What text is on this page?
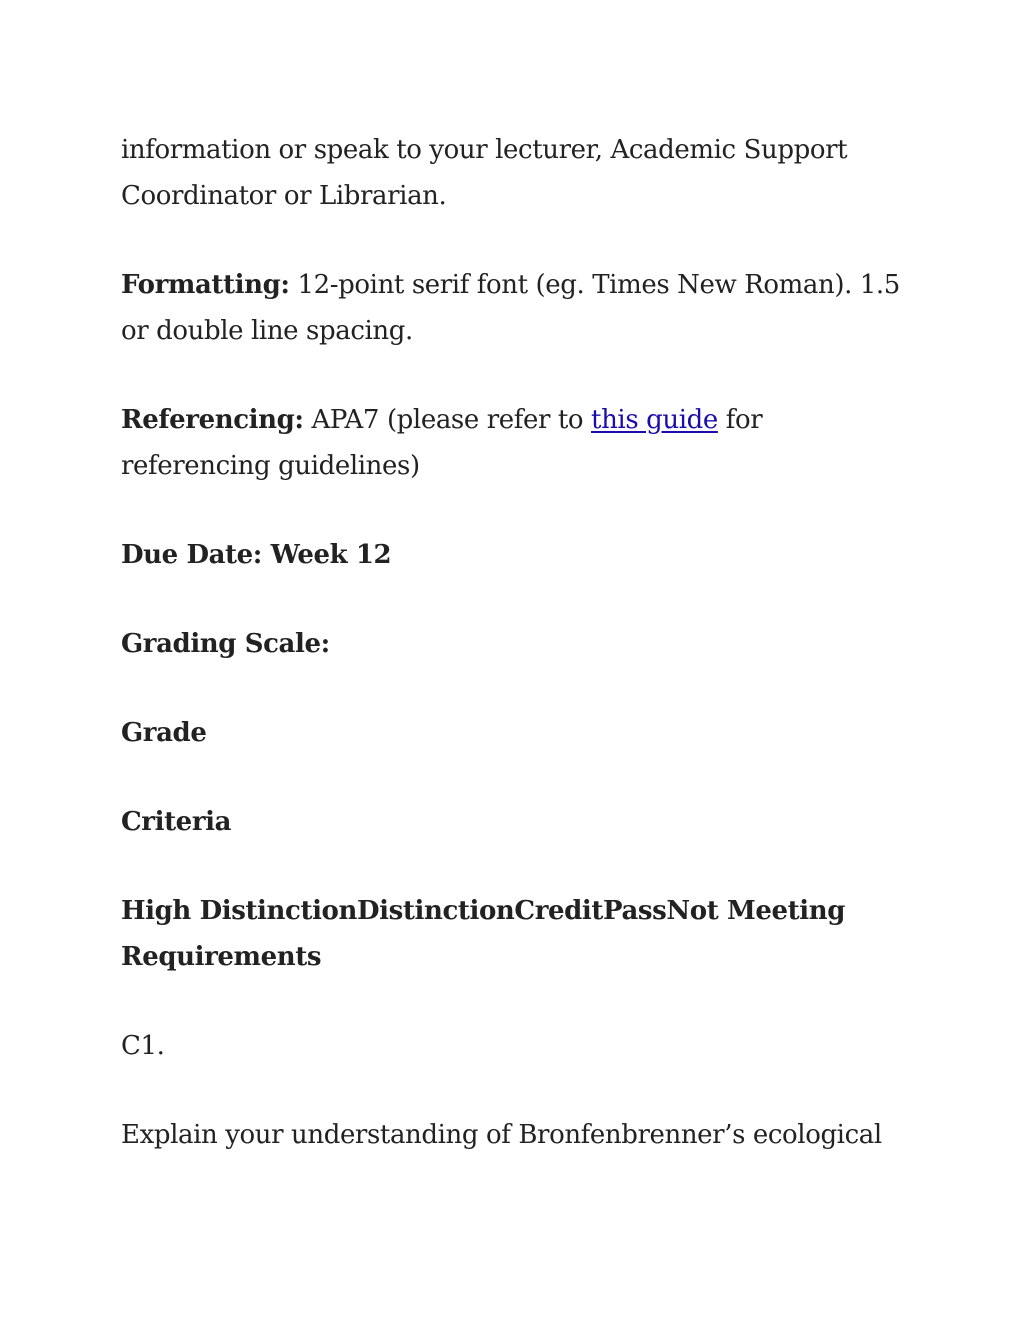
information or speak to your lecturer, Academic Support Coordinator or Librarian.

Formatting: 12-point serif font (eg. Times New Roman). 1.5 or double line spacing.

Referencing: APA7 (please refer to this guide for referencing guidelines)

Due Date: Week 12

Grading Scale:

Grade

Criteria

High DistinctionDistinctionCreditPassNot Meeting Requirements

C1.

Explain your understanding of Bronfenbrenner’s ecological
